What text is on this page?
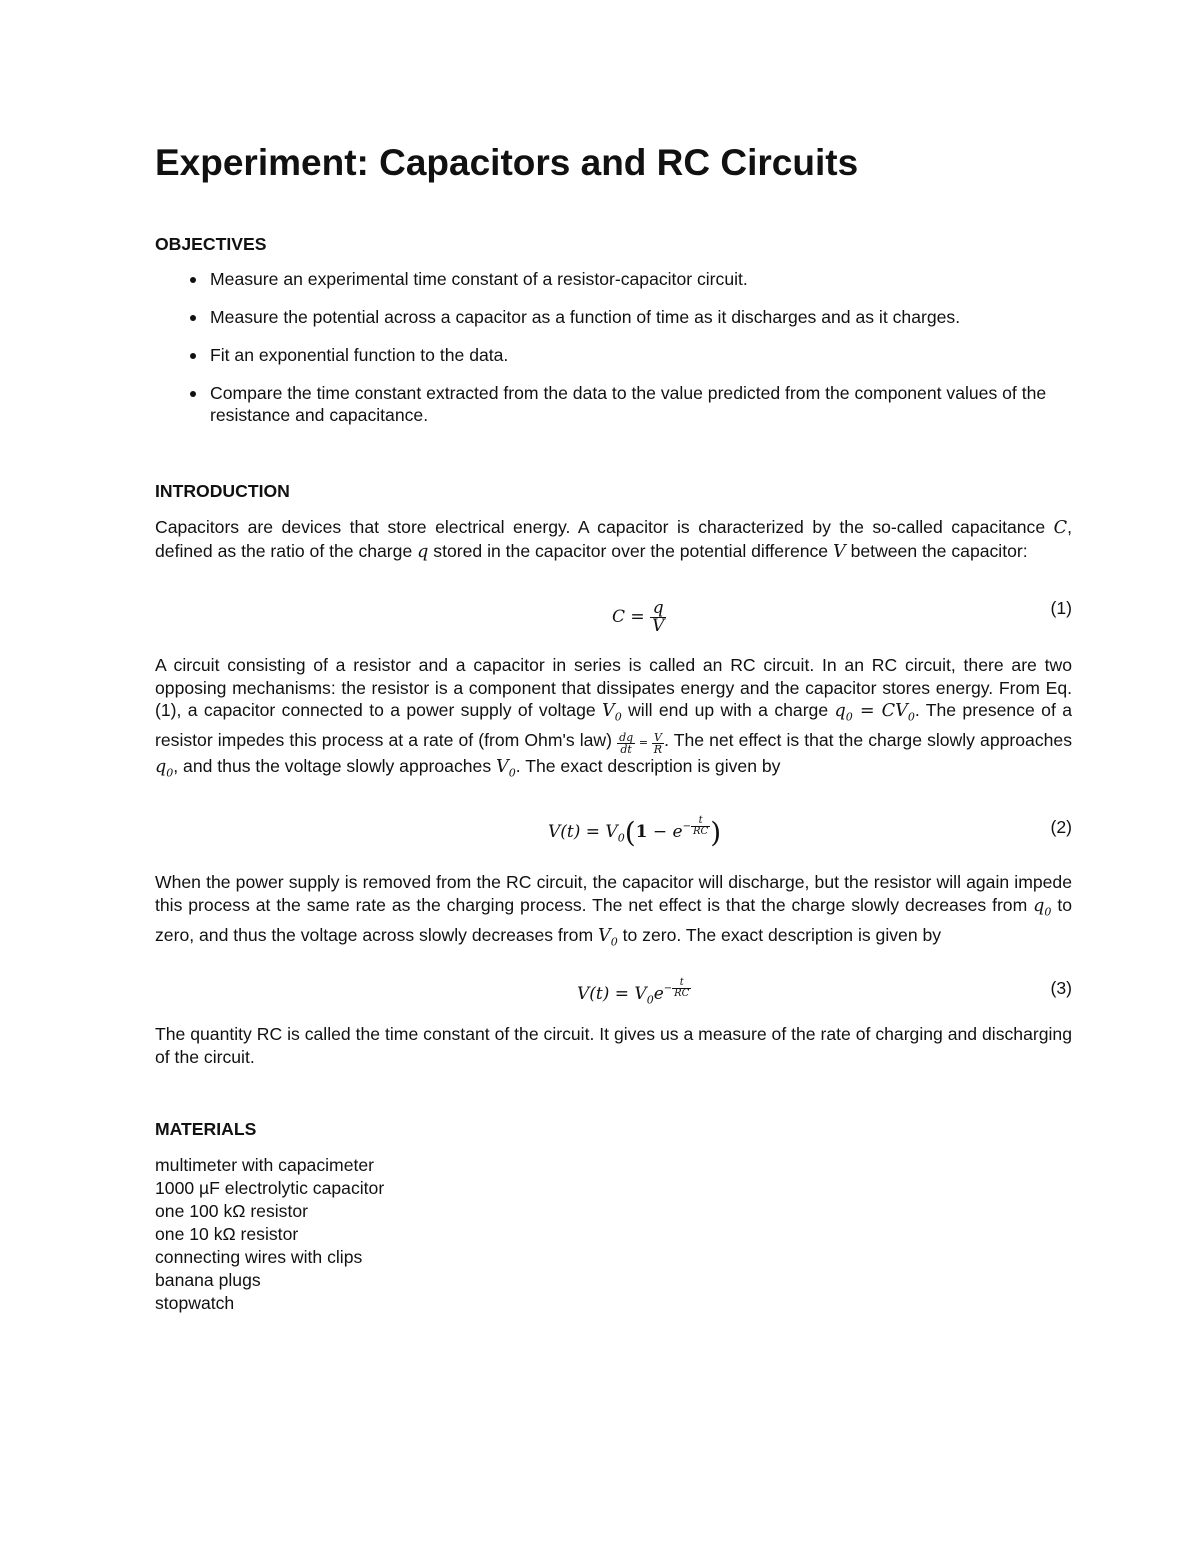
Experiment: Capacitors and RC Circuits
OBJECTIVES
Measure an experimental time constant of a resistor-capacitor circuit.
Measure the potential across a capacitor as a function of time as it discharges and as it charges.
Fit an exponential function to the data.
Compare the time constant extracted from the data to the value predicted from the component values of the resistance and capacitance.
INTRODUCTION

Capacitors are devices that store electrical energy. A capacitor is characterized by the so-called capacitance C, defined as the ratio of the charge q stored in the capacitor over the potential difference V between the capacitor:

$C = \frac{q}{V}$	(1)

A circuit consisting of a resistor and a capacitor in series is called an RC circuit. In an RC circuit, there are two opposing mechanisms: the resistor is a component that dissipates energy and the capacitor stores energy. From Eq. (1), a capacitor connected to a power supply of voltage $V_0$ will end up with a charge $q_0 = CV_0$. The presence of a resistor impedes this process at a rate of (from Ohm's $law) \frac{dq}{dt} = \frac{V}{R}$ . The net effect is that the charge slowly approaches $q_0$, and thus the voltage slowly approaches $V_0$. The exact description is given by

$V(t) = V_0(1 - e^{- \frac{t}{RC}}$ )	(2)

When the power supply is removed from the RC circuit, the capacitor will discharge, but the resistor will again impede this process at the same rate as the charging process. The net effect is that the charge slowly decreases from $q_0$ to zero, and thus the voltage across slowly decreases from $V_0$ to zero. The exact description is given by

$V(t) = V_0e^{- \frac{t}{RC}}$	(3)

The quantity RC is called the time constant of the circuit. It gives us a measure of the rate of charging and discharging of the circuit.

MATERIALS
multimeter with capacimeter
1000 µF electrolytic capacitor
one 100 kΩ resistor
one 10 kΩ resistor
connecting wires with clips
banana plugs
stopwatch
